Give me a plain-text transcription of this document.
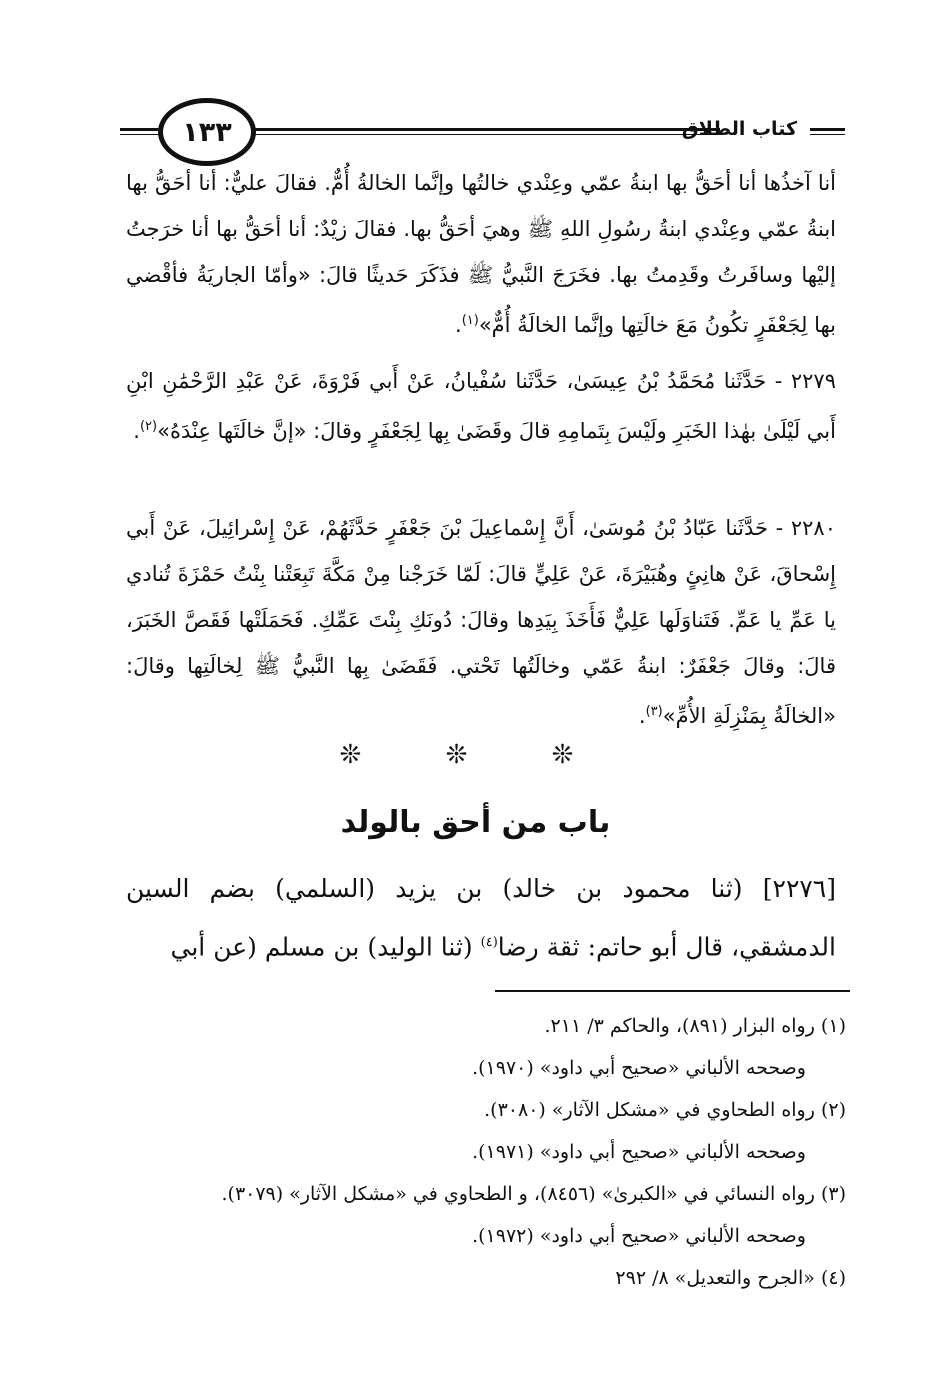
كتاب الطلاق
١٣٣

أنا آخذُها أنا أحَقُّ بها ابنةُ عمّي وعِنْدي خالتُها وإنَّما الخالةُ أُمٌّ. فقالَ عليٌّ: أنا أحَقُّ بها ابنةُ عمّي وعِنْدي ابنةُ رسُولِ اللهِ ﷺ وهيَ أحَقُّ بها. فقالَ زيْدٌ: أنا أحَقُّ بها أنا خرَجتُ إليْها وسافَرتُ وقَدِمتُ بها. فخَرَجَ النَّبيُّ ﷺ فذَكَرَ حَديثًا قالَ: «وأمّا الجاريَةُ فأقْضي بها لِجَعْفَرٍ تكُونُ مَعَ خالَتِها وإنَّما الخالَةُ أُمٌّ»$^{(١)}$.

٢٢٧٩ - حَدَّثَنا مُحَمَّدُ بْنُ عِيسَىٰ، حَدَّثَنا سُفْيانُ، عَنْ أَبي فَرْوَةَ، عَنْ عَبْدِ الرَّحْمَٰنِ ابْنِ أَبي لَيْلَىٰ بهٰذا الخَبَرِ ولَيْسَ بِتَمامِهِ قالَ وقَضَىٰ بِها لِجَعْفَرٍ وقالَ: «إنَّ خالَتَها عِنْدَهُ»$^{(٢)}$.

٢٢٨٠ - حَدَّثَنا عَبّادُ بْنُ مُوسَىٰ، أَنَّ إِسْماعِيلَ بْنَ جَعْفَرٍ حَدَّثَهُمْ، عَنْ إِسْرائِيلَ، عَنْ أَبي إِسْحاقَ، عَنْ هانِئٍ وهُبَيْرَةَ، عَنْ عَلِيٍّ قالَ: لَمّا خَرَجْنا مِنْ مَكَّةَ تَبِعَتْنا بِنْتُ حَمْزَةَ تُنادي يا عَمِّ يا عَمِّ. فَتَناوَلَها عَلِيٌّ فَأَخَذَ بِيَدِها وقالَ: دُونَكِ بِنْتَ عَمِّكِ. فَحَمَلَتْها فَقَصَّ الخَبَرَ، قالَ: وقالَ جَعْفَرٌ: ابنةُ عَمّي وخالَتُها تَحْتي. فَقَضَىٰ بِها النَّبيُّ ﷺ لِخالَتِها وقالَ: «الخالَةُ بِمَنْزِلَةِ الأُمِّ»$^{(٣)}$.

❊ ❊ ❊
باب من أحق بالولد

[٢٢٧٦] (ثنا محمود بن خالد) بن يزيد (السلمي) بضم السين الدمشقي، قال أبو حاتم: ثقة رضا$^{(٤)}$ (ثنا الوليد) بن مسلم (عن أبي

(١) رواه البزار (٨٩١)، والحاكم ٣/ ٢١١.
وصححه الألباني «صحيح أبي داود» (١٩٧٠).
(٢) رواه الطحاوي في «مشكل الآثار» (٣٠٨٠).
وصححه الألباني «صحيح أبي داود» (١٩٧١).
(٣) رواه النسائي في «الكبرىٰ» (٨٤٥٦)، و الطحاوي في «مشكل الآثار» (٣٠٧٩).
وصححه الألباني «صحيح أبي داود» (١٩٧٢).
(٤) «الجرح والتعديل» ٨/ ٢٩٢
